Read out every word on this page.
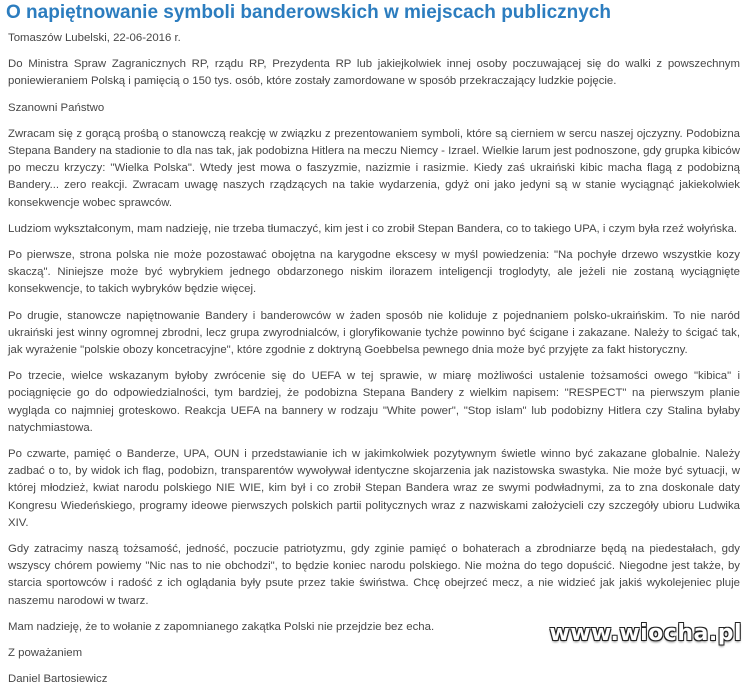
O napiętnowanie symboli banderowskich w miejscach publicznych

Tomaszów Lubelski, 22-06-2016 r.

Do Ministra Spraw Zagranicznych RP, rządu RP, Prezydenta RP lub jakiejkolwiek innej osoby poczuwającej się do walki z powszechnym poniewieraniem Polską i pamięcią o 150 tys. osób, które zostały zamordowane w sposób przekraczający ludzkie pojęcie.

Szanowni Państwo

Zwracam się z gorącą prośbą o stanowczą reakcję w związku z prezentowaniem symboli, które są cierniem w sercu naszej ojczyzny. Podobizna Stepana Bandery na stadionie to dla nas tak, jak podobizna Hitlera na meczu Niemcy - Izrael. Wielkie larum jest podnoszone, gdy grupka kibiców po meczu krzyczy: "Wielka Polska". Wtedy jest mowa o faszyzmie, nazizmie i rasizmie. Kiedy zaś ukraiński kibic macha flagą z podobizną Bandery... zero reakcji. Zwracam uwagę naszych rządzących na takie wydarzenia, gdyż oni jako jedyni są w stanie wyciągnąć jakiekolwiek konsekwencje wobec sprawców.

Ludziom wykształconym, mam nadzieję, nie trzeba tłumaczyć, kim jest i co zrobił Stepan Bandera, co to takiego UPA, i czym była rzeź wołyńska.

Po pierwsze, strona polska nie może pozostawać obojętna na karygodne ekscesy w myśl powiedzenia: "Na pochyłe drzewo wszystkie kozy skaczą". Niniejsze może być wybrykiem jednego obdarzonego niskim ilorazem inteligencji troglodyty, ale jeżeli nie zostaną wyciągnięte konsekwencje, to takich wybryków będzie więcej.

Po drugie, stanowcze napiętnowanie Bandery i banderowców w żaden sposób nie koliduje z pojednaniem polsko-ukraińskim. To nie naród ukraiński jest winny ogromnej zbrodni, lecz grupa zwyrodnialców, i gloryfikowanie tychże powinno być ścigane i zakazane. Należy to ścigać tak, jak wyrażenie "polskie obozy koncetracyjne", które zgodnie z doktryną Goebbelsa pewnego dnia może być przyjęte za fakt historyczny.

Po trzecie, wielce wskazanym byłoby zwrócenie się do UEFA w tej sprawie, w miarę możliwości ustalenie tożsamości owego "kibica" i pociągnięcie go do odpowiedzialności, tym bardziej, że podobizna Stepana Bandery z wielkim napisem: "RESPECT" na pierwszym planie wygląda co najmniej groteskowo. Reakcja UEFA na bannery w rodzaju "White power", "Stop islam" lub podobizny Hitlera czy Stalina byłaby natychmiastowa.

Po czwarte, pamięć o Banderze, UPA, OUN i przedstawianie ich w jakimkolwiek pozytywnym świetle winno być zakazane globalnie. Należy zadbać o to, by widok ich flag, podobizn, transparentów wywoływał identyczne skojarzenia jak nazistowska swastyka. Nie może być sytuacji, w której młodzież, kwiat narodu polskiego NIE WIE, kim był i co zrobił Stepan Bandera wraz ze swymi podwładnymi, za to zna doskonale daty Kongresu Wiedeńskiego, programy ideowe pierwszych polskich partii politycznych wraz z nazwiskami założycieli czy szczegóły ubioru Ludwika XIV.

Gdy zatracimy naszą tożsamość, jedność, poczucie patriotyzmu, gdy zginie pamięć o bohaterach a zbrodniarze będą na piedestałach, gdy wszyscy chórem powiemy "Nic nas to nie obchodzi", to będzie koniec narodu polskiego. Nie można do tego dopuścić. Niegodne jest także, by starcia sportowców i radość z ich oglądania były psute przez takie świństwa. Chcę obejrzeć mecz, a nie widzieć jak jakiś wykolejeniec pluje naszemu narodowi w twarz.

Mam nadzieję, że to wołanie z zapomnianego zakątka Polski nie przejdzie bez echa.

Z poważaniem

Daniel Bartosiewicz

www.wiocha.pl
